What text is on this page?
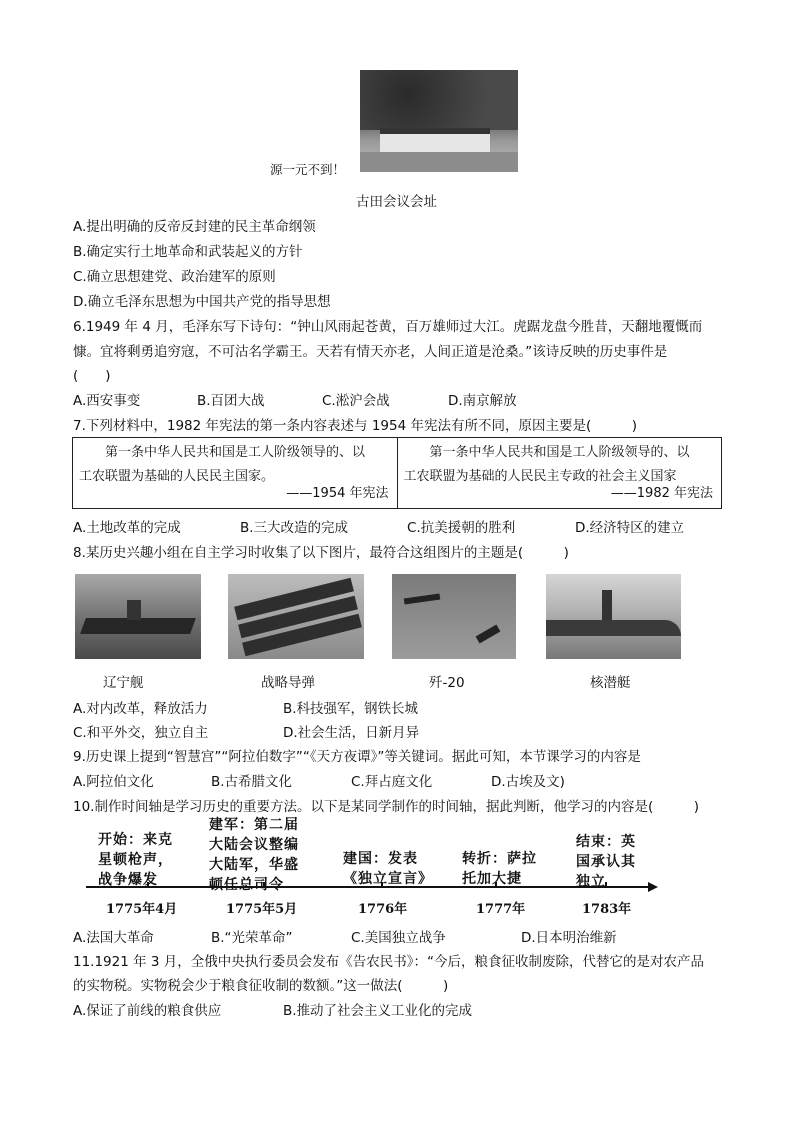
源一元不到！
古田会议会址
A.提出明确的反帝反封建的民主革命纲领
B.确定实行土地革命和武装起义的方针
C.确立思想建党、政治建军的原则
D.确立毛泽东思想为中国共产党的指导思想
6.1949 年 4 月，毛泽东写下诗句：“钟山风雨起苍黄，百万雄师过大江。虎踞龙盘今胜昔，天翻地覆慨而
慷。宜将剩勇追穷寇，不可沽名学霸王。天若有情天亦老，人间正道是沧桑。”该诗反映的历史事件是
(　　)
A.西安事变	B.百团大战	C.淞沪会战	D.南京解放
7.下列材料中，1982 年宪法的第一条内容表述与 1954 年宪法有所不同，原因主要是(　　　)
第一条中华人民共和国是工人阶级领导的、以
工农联盟为基础的人民民主国家。
——1954 年宪法

第一条中华人民共和国是工人阶级领导的、以
工农联盟为基础的人民民主专政的社会主义国家
——1982 年宪法
A.土地改革的完成	B.三大改造的完成	C.抗美援朝的胜利	D.经济特区的建立
8.某历史兴趣小组在自主学习时收集了以下图片，最符合这组图片的主题是(　　　)
辽宁舰	战略导弹	歼-20	核潜艇
A.对内改革，释放活力	B.科技强军，钢铁长城
C.和平外交，独立自主	D.社会生活，日新月异
9.历史课上提到“智慧宫”“阿拉伯数字”“《天方夜谭》”等关键词。据此可知，本节课学习的内容是
A.阿拉伯文化	B.古希腊文化	C.拜占庭文化	D.古埃及文)
10.制作时间轴是学习历史的重要方法。以下是某同学制作的时间轴，据此判断，他学习的内容是(　　　)
开始：来克
星顿枪声，
战争爆发
建军：第二届
大陆会议整编
大陆军，华盛
顿任总司令
建国：发表
《独立宣言》
转折：萨拉
托加大捷
结束：英
国承认其
独立
1775年4月	1775年5月	1776年	1777年	1783年
A.法国大革命	B.“光荣革命”	C.美国独立战争	D.日本明治维新
11.1921 年 3 月，全俄中央执行委员会发布《告农民书》：“今后，粮食征收制废除，代替它的是对农产品
的实物税。实物税会少于粮食征收制的数额。”这一做法(　　　)
A.保证了前线的粮食供应	B.推动了社会主义工业化的完成
